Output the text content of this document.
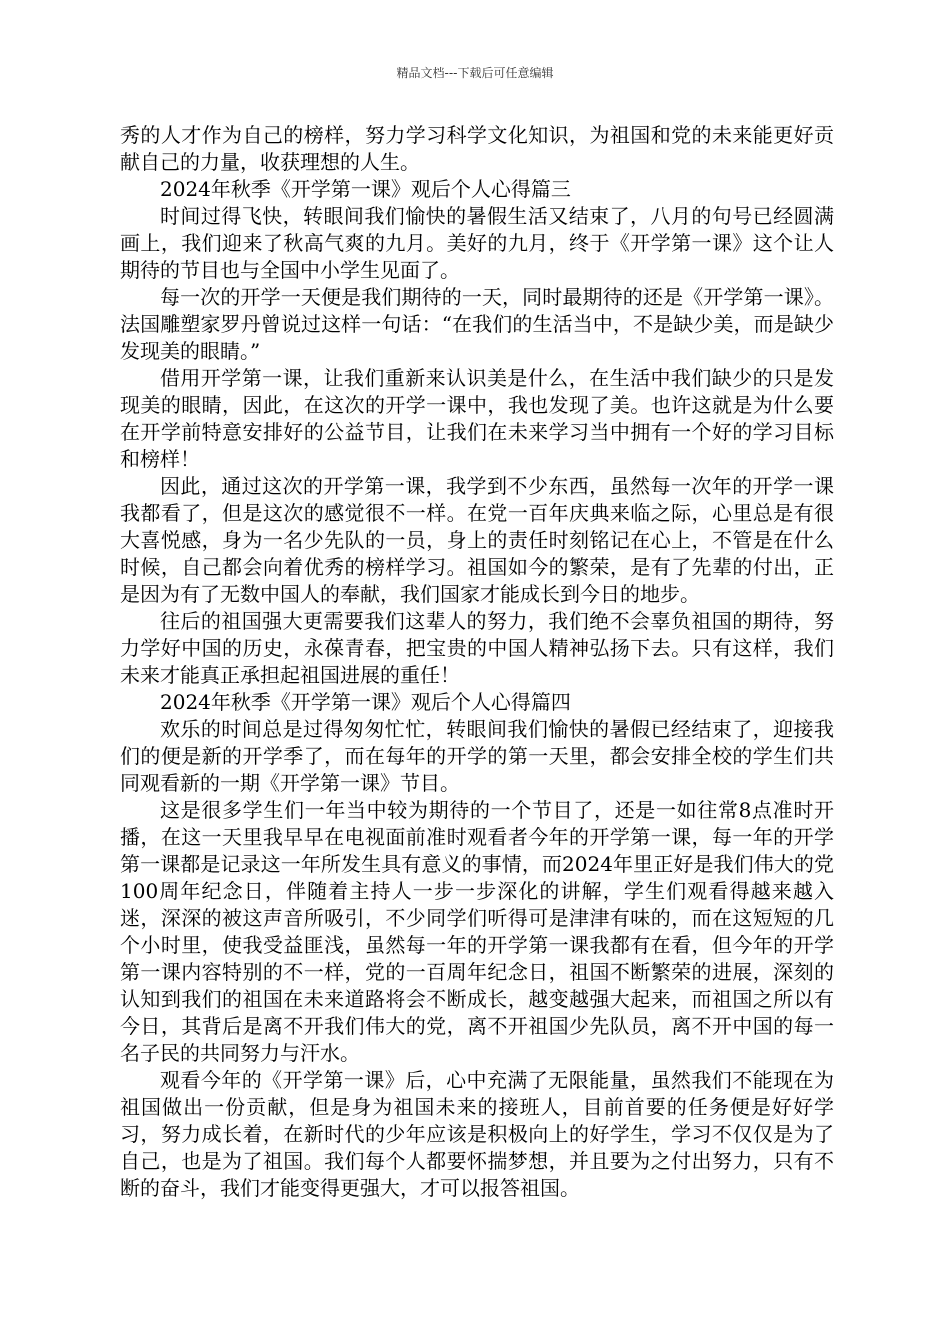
精品文档---下载后可任意编辑

秀的人才作为自己的榜样，努力学习科学文化知识，为祖国和党的未来能更好贡献自己的力量，收获理想的人生。

2024年秋季《开学第一课》观后个人心得篇三

时间过得飞快，转眼间我们愉快的暑假生活又结束了，八月的句号已经圆满画上，我们迎来了秋高气爽的九月。美好的九月，终于《开学第一课》这个让人期待的节目也与全国中小学生见面了。

每一次的开学一天便是我们期待的一天，同时最期待的还是《开学第一课》。法国雕塑家罗丹曾说过这样一句话：“在我们的生活当中，不是缺少美，而是缺少发现美的眼睛。”

借用开学第一课，让我们重新来认识美是什么，在生活中我们缺少的只是发现美的眼睛，因此，在这次的开学一课中，我也发现了美。也许这就是为什么要在开学前特意安排好的公益节目，让我们在未来学习当中拥有一个好的学习目标和榜样！

因此，通过这次的开学第一课，我学到不少东西，虽然每一次年的开学一课我都看了，但是这次的感觉很不一样。在党一百年庆典来临之际，心里总是有很大喜悦感，身为一名少先队的一员，身上的责任时刻铭记在心上，不管是在什么时候，自己都会向着优秀的榜样学习。祖国如今的繁荣，是有了先辈的付出，正是因为有了无数中国人的奉献，我们国家才能成长到今日的地步。

往后的祖国强大更需要我们这辈人的努力，我们绝不会辜负祖国的期待，努力学好中国的历史，永葆青春，把宝贵的中国人精神弘扬下去。只有这样，我们未来才能真正承担起祖国进展的重任！

2024年秋季《开学第一课》观后个人心得篇四

欢乐的时间总是过得匆匆忙忙，转眼间我们愉快的暑假已经结束了，迎接我们的便是新的开学季了，而在每年的开学的第一天里，都会安排全校的学生们共同观看新的一期《开学第一课》节目。

这是很多学生们一年当中较为期待的一个节目了，还是一如往常8点准时开播，在这一天里我早早在电视面前准时观看者今年的开学第一课，每一年的开学第一课都是记录这一年所发生具有意义的事情，而2024年里正好是我们伟大的党100周年纪念日，伴随着主持人一步一步深化的讲解，学生们观看得越来越入迷，深深的被这声音所吸引，不少同学们听得可是津津有味的，而在这短短的几个小时里，使我受益匪浅，虽然每一年的开学第一课我都有在看，但今年的开学第一课内容特别的不一样，党的一百周年纪念日，祖国不断繁荣的进展，深刻的认知到我们的祖国在未来道路将会不断成长，越变越强大起来，而祖国之所以有今日，其背后是离不开我们伟大的党，离不开祖国少先队员，离不开中国的每一名子民的共同努力与汗水。

观看今年的《开学第一课》后，心中充满了无限能量，虽然我们不能现在为祖国做出一份贡献，但是身为祖国未来的接班人，目前首要的任务便是好好学习，努力成长着，在新时代的少年应该是积极向上的好学生，学习不仅仅是为了自己，也是为了祖国。我们每个人都要怀揣梦想，并且要为之付出努力，只有不断的奋斗，我们才能变得更强大，才可以报答祖国。
